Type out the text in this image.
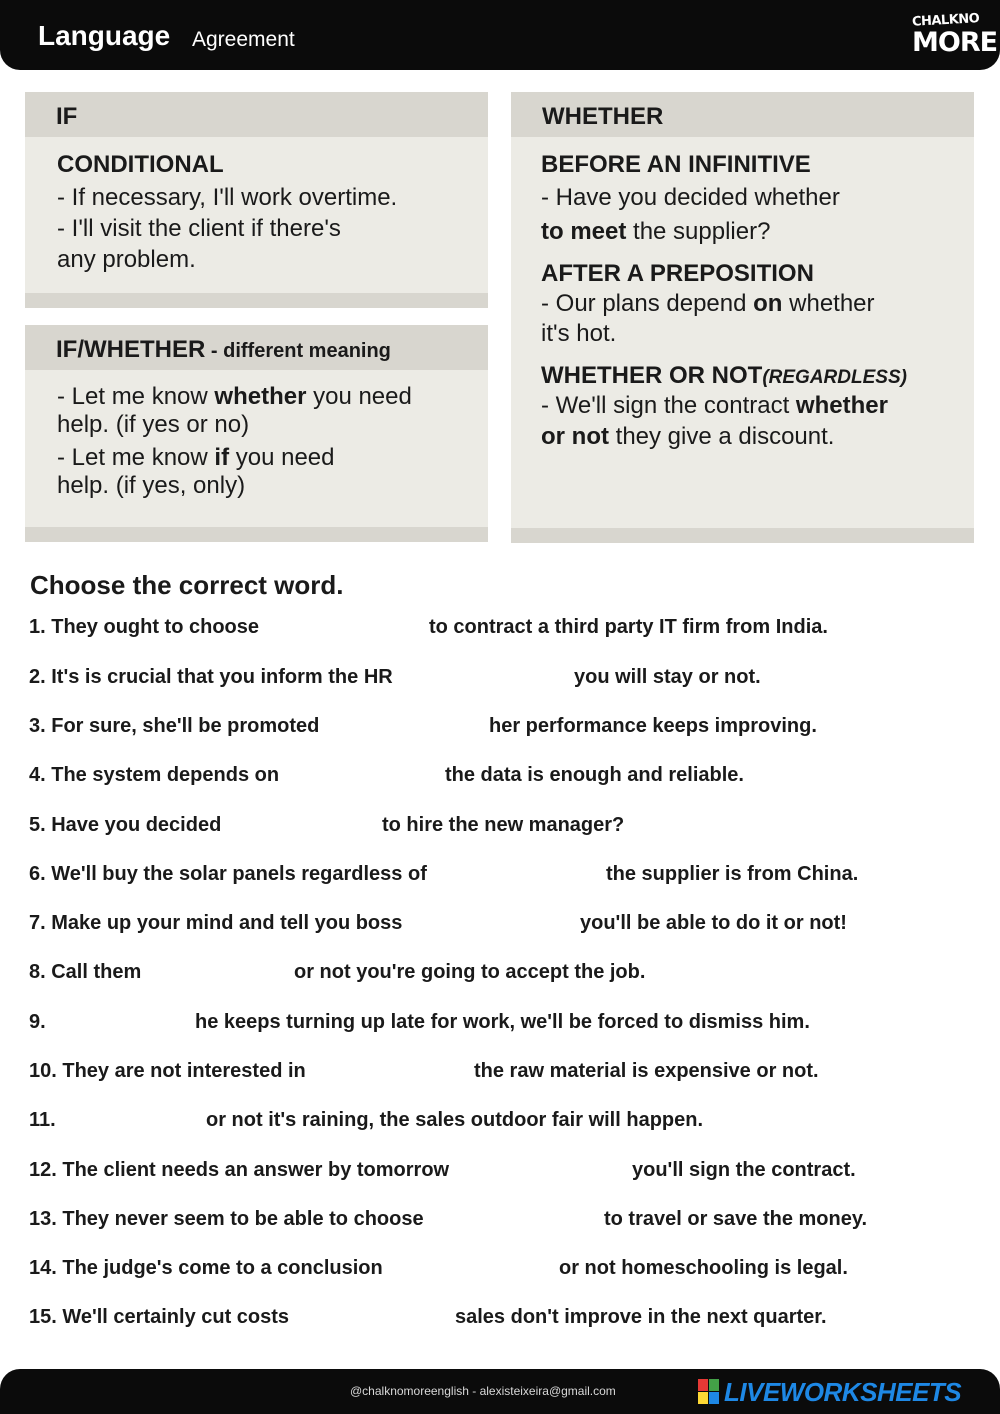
Language Agreement
CHALKNO
MORE
IF
CONDITIONAL
- If necessary, I'll work overtime.
- I'll visit the client if there's
any problem.
IF/WHETHER - different meaning
- Let me know whether you need
help. (if yes or no)
- Let me know if you need
help. (if yes, only)
WHETHER
BEFORE AN INFINITIVE
- Have you decided whether
to meet the supplier?
AFTER A PREPOSITION
- Our plans depend on whether
it's hot.
WHETHER OR NOT(REGARDLESS)
- We'll sign the contract whether
or not they give a discount.
Choose the correct word.
1. They ought to choose	to contract a third party IT firm from India.
2. It's is crucial that you inform the HR	you will stay or not.
3. For sure, she'll be promoted	her performance keeps improving.
4. The system depends on	the data is enough and reliable.
5. Have you decided	to hire the new manager?
6. We'll buy the solar panels regardless of	the supplier is from China.
7. Make up your mind and tell you boss	you'll be able to do it or not!
8. Call them	or not you're going to accept the job.
9.	he keeps turning up late for work, we'll be forced to dismiss him.
10. They are not interested in	the raw material is expensive or not.
11.	or not it's raining, the sales outdoor fair will happen.
12. The client needs an answer by tomorrow	you'll sign the contract.
13. They never seem to be able to choose	to travel or save the money.
14. The judge's come to a conclusion	or not homeschooling is legal.
15. We'll certainly cut costs	sales don't improve in the next quarter.
@chalknomoreenglish - alexisteixeira@gmail.com	LIVEWORKSHEETS
